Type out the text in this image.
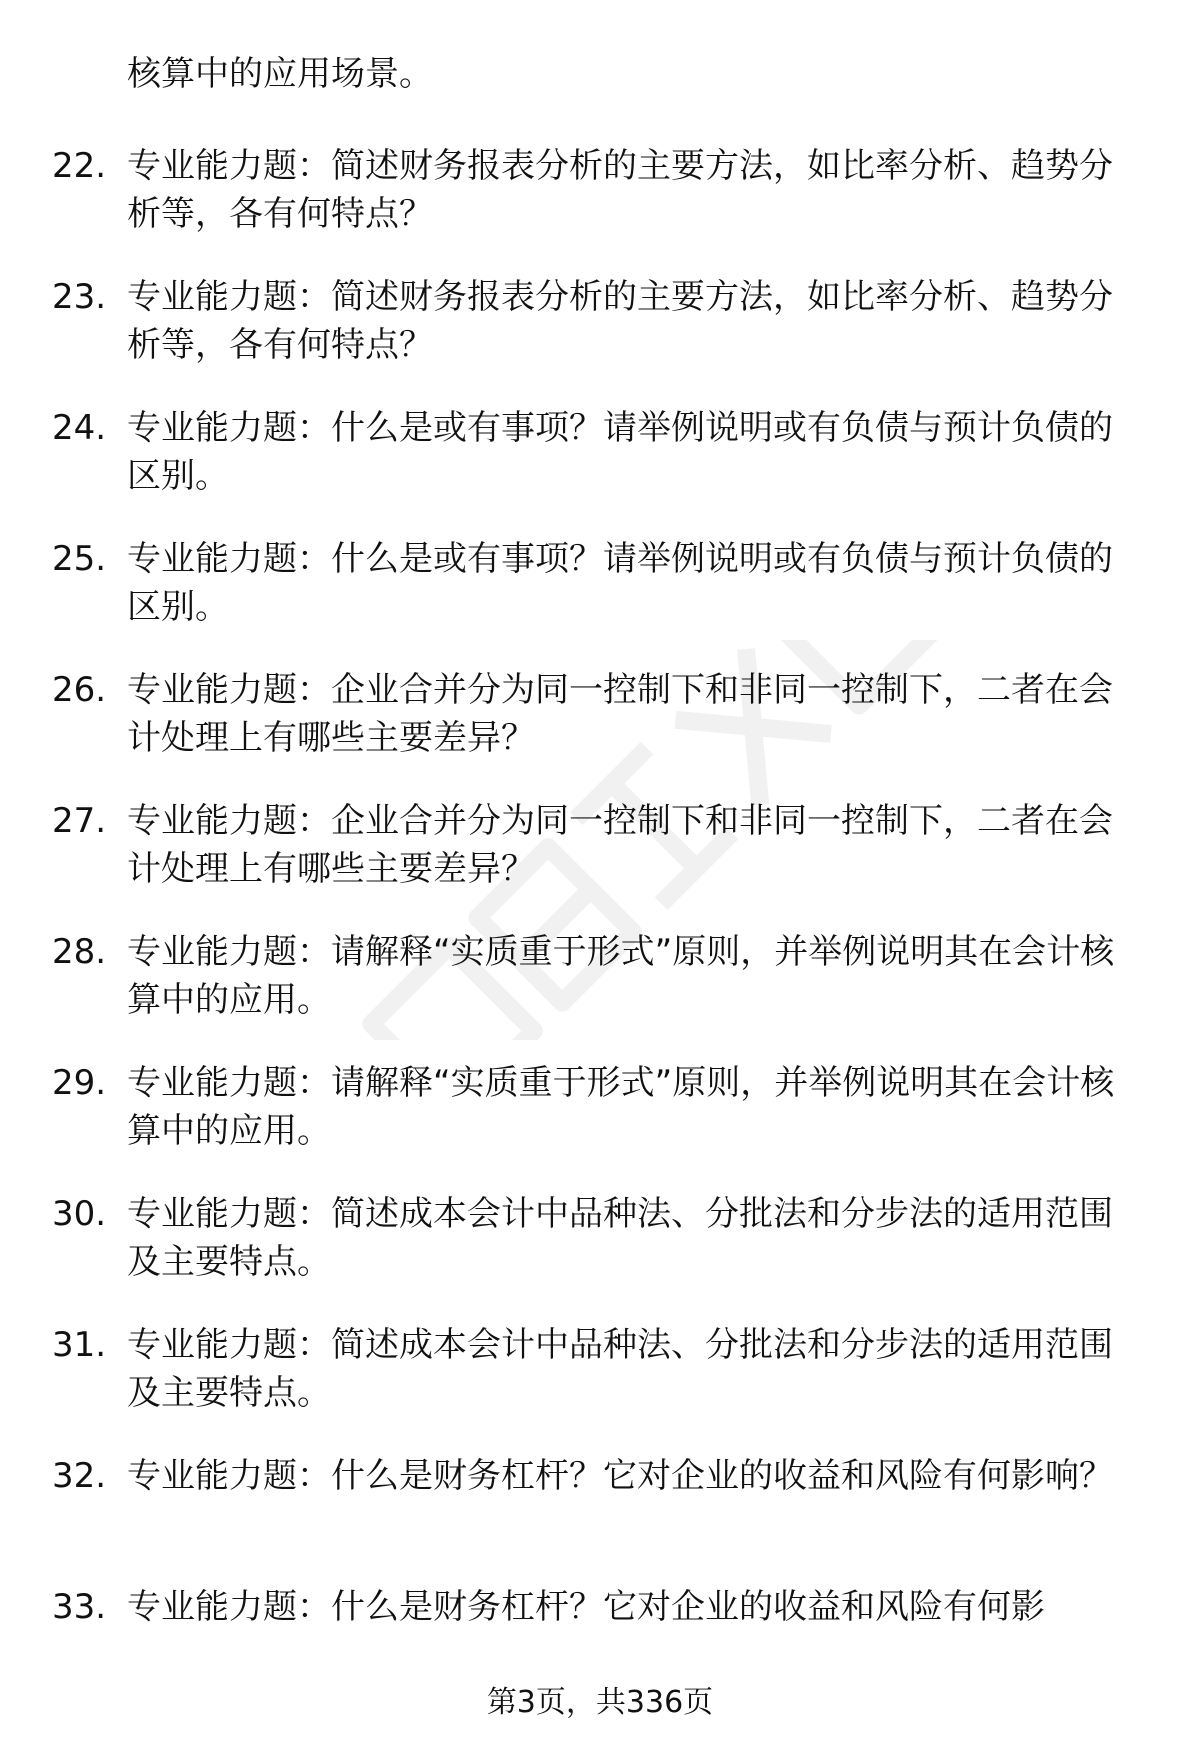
核算中的应用场景。
22. 专业能力题：简述财务报表分析的主要方法，如比率分析、趋势分析等，各有何特点？
23. 专业能力题：简述财务报表分析的主要方法，如比率分析、趋势分析等，各有何特点？
24. 专业能力题：什么是或有事项？请举例说明或有负债与预计负债的区别。
25. 专业能力题：什么是或有事项？请举例说明或有负债与预计负债的区别。
26. 专业能力题：企业合并分为同一控制下和非同一控制下，二者在会计处理上有哪些主要差异？
27. 专业能力题：企业合并分为同一控制下和非同一控制下，二者在会计处理上有哪些主要差异？
28. 专业能力题：请解释“实质重于形式”原则，并举例说明其在会计核算中的应用。
29. 专业能力题：请解释“实质重于形式”原则，并举例说明其在会计核算中的应用。
30. 专业能力题：简述成本会计中品种法、分批法和分步法的适用范围及主要特点。
31. 专业能力题：简述成本会计中品种法、分批法和分步法的适用范围及主要特点。
32. 专业能力题：什么是财务杠杆？它对企业的收益和风险有何影响？
33. 专业能力题：什么是财务杠杆？它对企业的收益和风险有何影
第3页，共336页
